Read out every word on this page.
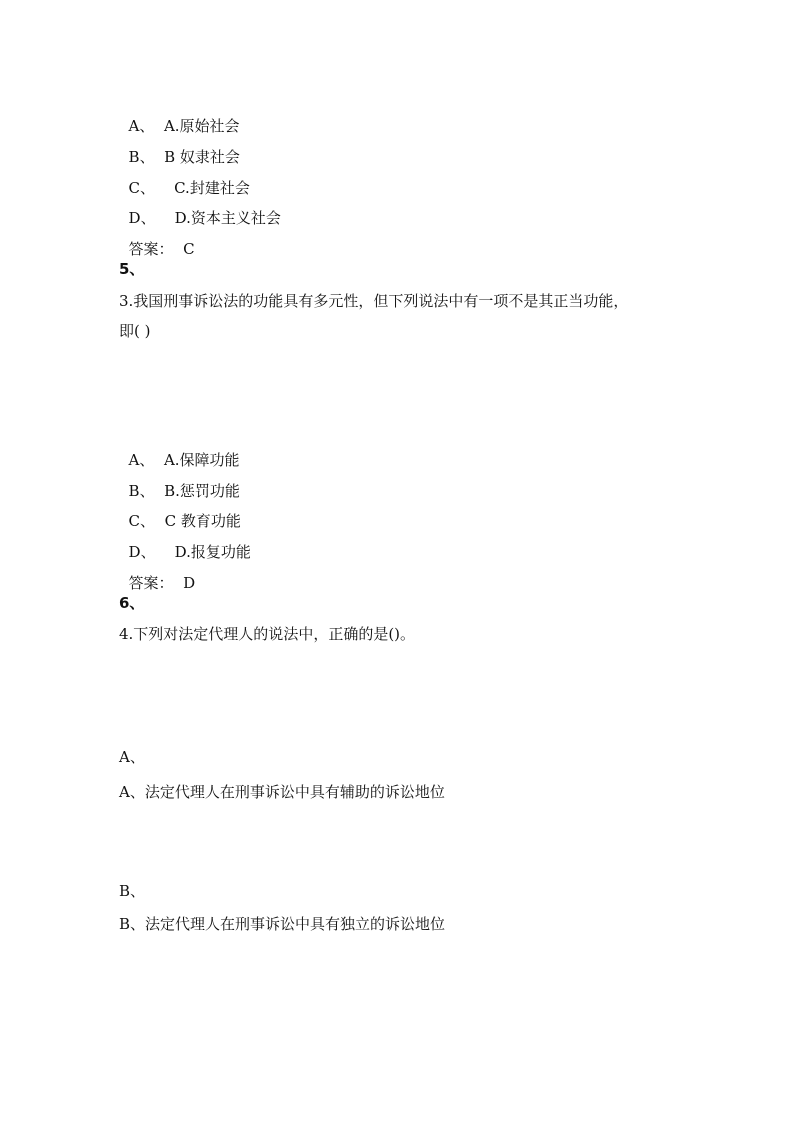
A、 A.原始社会

B、 B 奴隶社会

C、 C.封建社会

D、 D.资本主义社会

答案： C

5、
3.我国刑事诉讼法的功能具有多元性，但下列说法中有一项不是其正当功能，
即( )

A、 A.保障功能

B、 B.惩罚功能

C、 C 教育功能

D、 D.报复功能

答案： D

6、
4.下列对法定代理人的说法中，正确的是()。
A、
A、法定代理人在刑事诉讼中具有辅助的诉讼地位
B、
B、法定代理人在刑事诉讼中具有独立的诉讼地位
